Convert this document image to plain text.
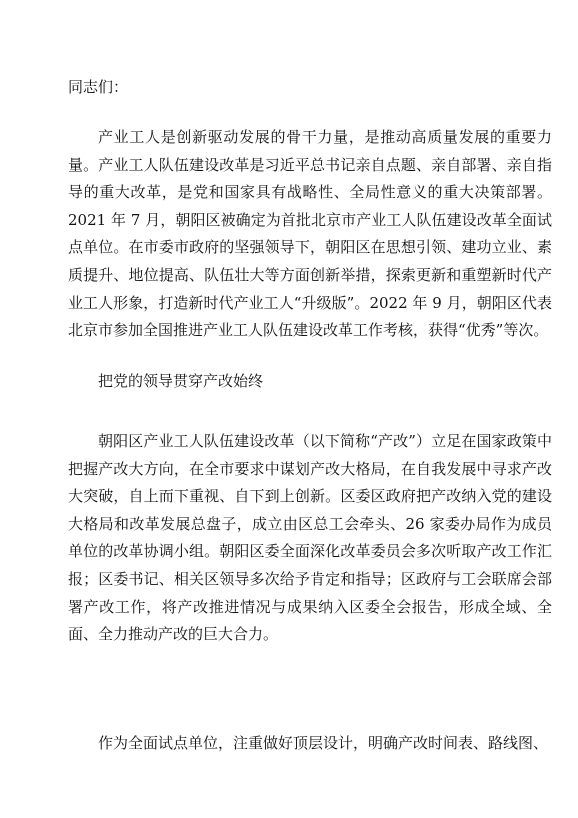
同志们：

产业工人是创新驱动发展的骨干力量，是推动高质量发展的重要力量。产业工人队伍建设改革是习近平总书记亲自点题、亲自部署、亲自指导的重大改革，是党和国家具有战略性、全局性意义的重大决策部署。2021 年 7 月，朝阳区被确定为首批北京市产业工人队伍建设改革全面试点单位。在市委市政府的坚强领导下，朝阳区在思想引领、建功立业、素质提升、地位提高、队伍壮大等方面创新举措，探索更新和重塑新时代产业工人形象，打造新时代产业工人“升级版”。2022 年 9 月，朝阳区代表北京市参加全国推进产业工人队伍建设改革工作考核，获得“优秀”等次。

把党的领导贯穿产改始终

朝阳区产业工人队伍建设改革（以下简称“产改”）立足在国家政策中把握产改大方向，在全市要求中谋划产改大格局，在自我发展中寻求产改大突破，自上而下重视、自下到上创新。区委区政府把产改纳入党的建设大格局和改革发展总盘子，成立由区总工会牵头、26 家委办局作为成员单位的改革协调小组。朝阳区委全面深化改革委员会多次听取产改工作汇报；区委书记、相关区领导多次给予肯定和指导；区政府与工会联席会部署产改工作，将产改推进情况与成果纳入区委全会报告，形成全域、全面、全力推动产改的巨大合力。

作为全面试点单位，注重做好顶层设计，明确产改时间表、路线图、
